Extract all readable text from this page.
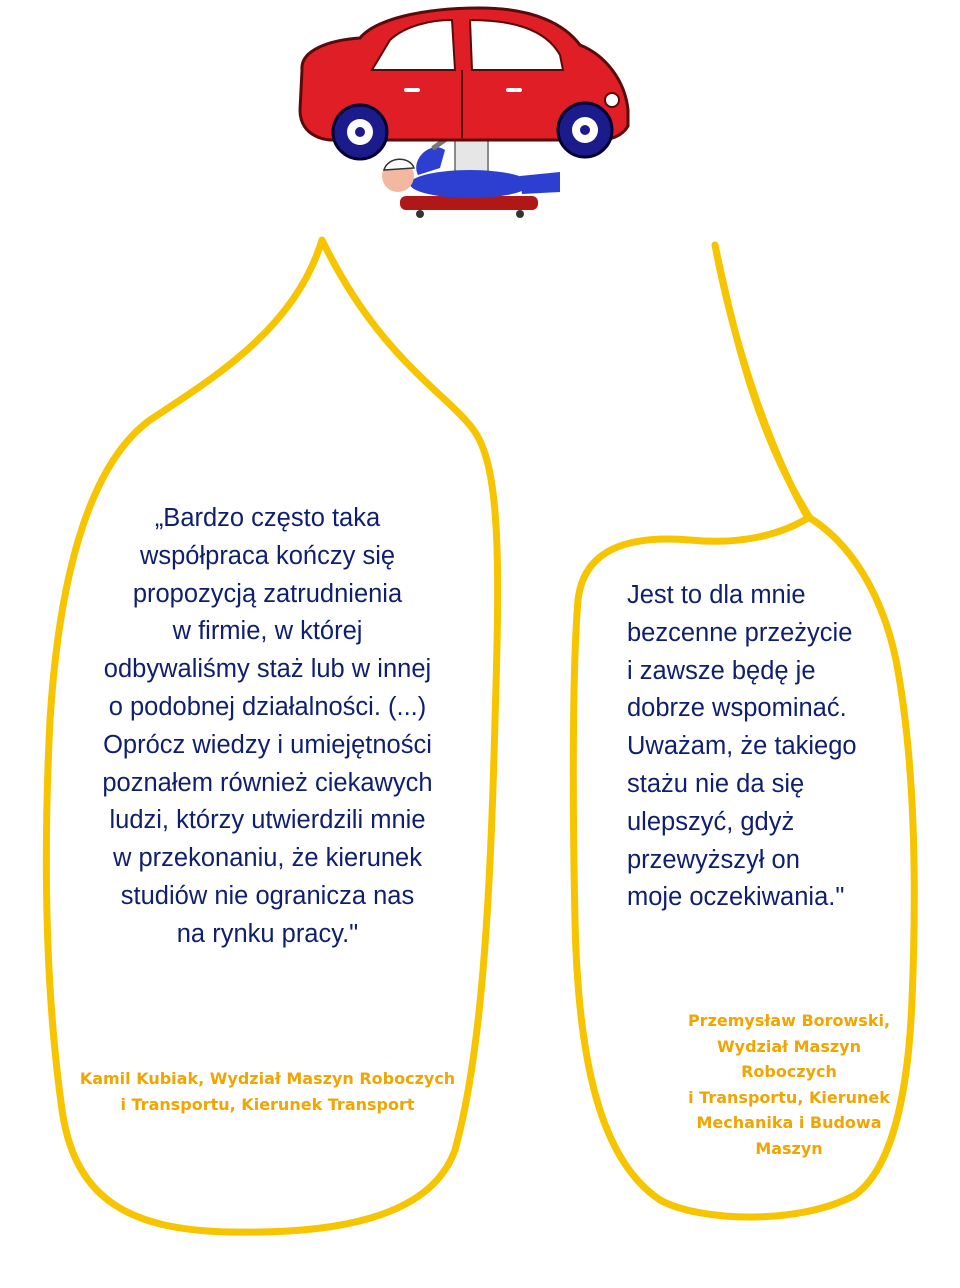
„Bardzo często taka
współpraca kończy się
propozycją zatrudnienia
w firmie, w której
odbywaliśmy staż lub w innej
o podobnej działalności. (...)
Oprócz wiedzy i umiejętności
poznałem również ciekawych
ludzi, którzy utwierdzili mnie
w przekonaniu, że kierunek
studiów nie ogranicza nas
na rynku pracy."

Kamil Kubiak, Wydział Maszyn Roboczych
i Transportu, Kierunek Transport

Jest to dla mnie
bezcenne przeżycie
i zawsze będę je
dobrze wspominać.
Uważam, że takiego
stażu nie da się
ulepszyć, gdyż
przewyższył on
moje oczekiwania."

Przemysław Borowski,
Wydział Maszyn
Roboczych
i Transportu, Kierunek
Mechanika i Budowa
Maszyn
